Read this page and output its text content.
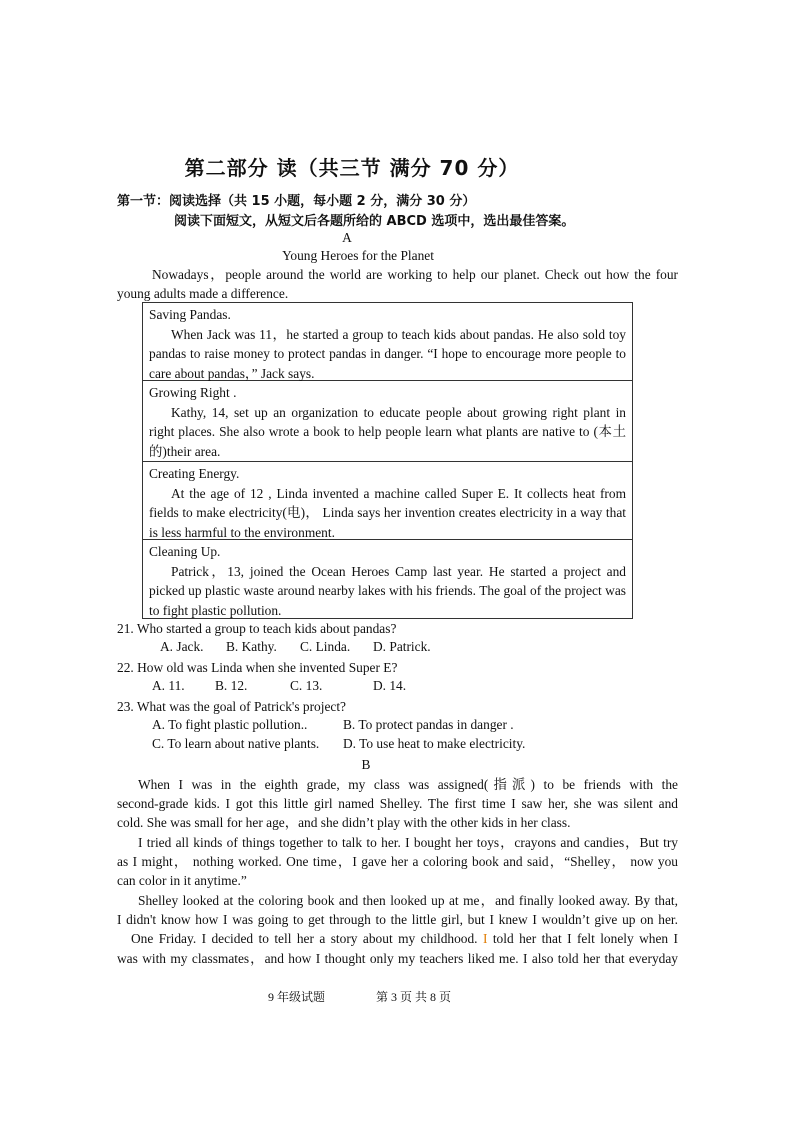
第二部分 读（共三节 满分 70 分）
第一节：阅读选择（共 15 小题，每小题 2 分，满分 30 分）
阅读下面短文，从短文后各题所给的 ABCD 选项中，选出最佳答案。
A
Young Heroes for the Planet
Nowadays，people around the world are working to help our planet. Check out how the four
young adults made a difference.
Saving Pandas.
When Jack was 11，he started a group to teach kids about pandas. He also sold toy pandas to raise money to protect pandas in danger. “I hope to encourage more people to care about pandas，” Jack says.
Growing Right .
Kathy, 14, set up an organization to educate people about growing right plant in right places. She also wrote a book to help people learn what plants are native to (本土的)their area.
Creating Energy.
At the age of 12 , Linda invented a machine called Super E. It collects heat from fields to make electricity(电)， Linda says her invention creates electricity in a way that is less harmful to the environment.
Cleaning Up.
Patrick，13, joined the Ocean Heroes Camp last year. He started a project and picked up plastic waste around nearby lakes with his friends. The goal of the project was to fight plastic pollution.
21. Who started a group to teach kids about pandas?
A. Jack. B. Kathy. C. Linda. D. Patrick.
22. How old was Linda when she invented Super E?
A. 11. B. 12.	C. 13.	D. 14.
23. What was the goal of Patrick's project?
A. To fight plastic pollution..	B. To protect pandas in danger .
C. To learn about native plants. D. To use heat to make electricity.
B
When I was in the eighth grade, my class was assigned(指派) to be friends with the
second-grade kids. I got this little girl named Shelley. The first time I saw her, she was silent and
cold. She was small for her age，and she didn’t play with the other kids in her class.
I tried all kinds of things together to talk to her. I bought her toys，crayons and candies，But try
as I might， nothing worked. One time，I gave her a coloring book and said，“Shelley， now you
can color in it anytime.”
Shelley looked at the coloring book and then looked up at me，and finally looked away. By that,
I didn't know how I was going to get through to the little girl, but I knew I wouldn’t give up on her.
One Friday. I decided to tell her a story about my childhood. I told her that I felt lonely when I
was with my classmates，and how I thought only my teachers liked me. I also told her that everyday
9 年级试题	第 3 页 共 8 页
